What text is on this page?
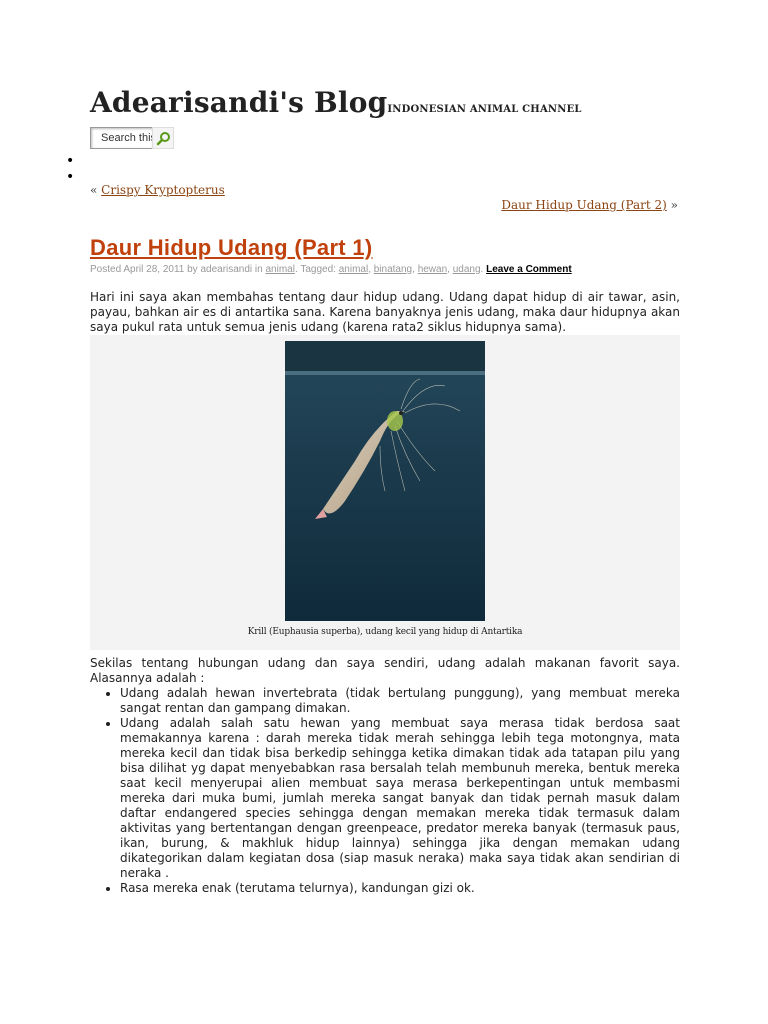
Adearisandi's BlogINDONESIAN ANIMAL CHANNEL
Search this
« Crispy Kryptopterus
Daur Hidup Udang (Part 2) »
Daur Hidup Udang (Part 1)
Posted April 28, 2011 by adearisandi in animal. Tagged: animal, binatang, hewan, udang. Leave a Comment

Hari ini saya akan membahas tentang daur hidup udang. Udang dapat hidup di air tawar, asin, payau, bahkan air es di antartika sana. Karena banyaknya jenis udang, maka daur hidupnya akan saya pukul rata untuk semua jenis udang (karena rata2 siklus hidupnya sama).

Krill (Euphausia superba), udang kecil yang hidup di Antartika

Sekilas tentang hubungan udang dan saya sendiri, udang adalah makanan favorit saya. Alasannya adalah :

• Udang adalah hewan invertebrata (tidak bertulang punggung), yang membuat mereka sangat rentan dan gampang dimakan.
• Udang adalah salah satu hewan yang membuat saya merasa tidak berdosa saat memakannya karena : darah mereka tidak merah sehingga lebih tega motongnya, mata mereka kecil dan tidak bisa berkedip sehingga ketika dimakan tidak ada tatapan pilu yang bisa dilihat yg dapat menyebabkan rasa bersalah telah membunuh mereka, bentuk mereka saat kecil menyerupai alien membuat saya merasa berkepentingan untuk membasmi mereka dari muka bumi, jumlah mereka sangat banyak dan tidak pernah masuk dalam daftar endangered species sehingga dengan memakan mereka tidak termasuk dalam aktivitas yang bertentangan dengan greenpeace, predator mereka banyak (termasuk paus, ikan, burung, & makhluk hidup lainnya) sehingga jika dengan memakan udang dikategorikan dalam kegiatan dosa (siap masuk neraka) maka saya tidak akan sendirian di neraka .
• Rasa mereka enak (terutama telurnya), kandungan gizi ok.
